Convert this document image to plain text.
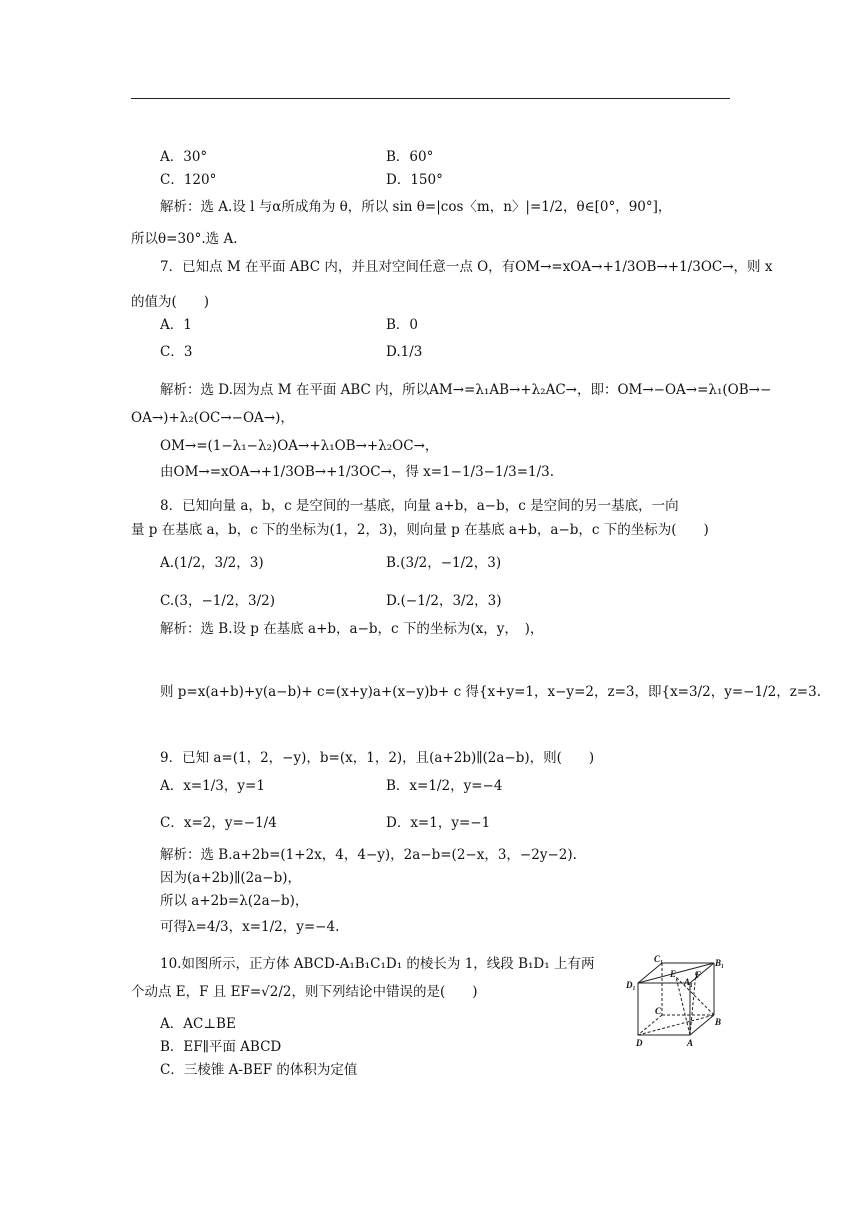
A．30°	B．60°
C．120°	D．150°
解析：选 A.设 l 与α所成角为 θ，所以 sin θ=|cos〈m，n〉|=1/2，θ∈[0°，90°]，
所以θ=30°.选 A.
7．已知点 M 在平面 ABC 内，并且对空间任意一点 O，有OM→=xOA→+1/3OB→+1/3OC→，则 x
的值为(　　)
A．1	B．0
C．3	D.1/3
解析：选 D.因为点 M 在平面 ABC 内，所以AM→=λ₁AB→+λ₂AC→，即：OM→−OA→=λ₁(OB→−
OA→)+λ₂(OC→−OA→)，
OM→=(1−λ₁−λ₂)OA→+λ₁OB→+λ₂OC→，
由OM→=xOA→+1/3OB→+1/3OC→，得 x=1−1/3−1/3=1/3.
8．已知向量 a，b，c 是空间的一基底，向量 a+b，a−b，c 是空间的另一基底，一向
量 p 在基底 a，b，c 下的坐标为(1，2，3)，则向量 p 在基底 a+b，a−b，c 下的坐标为(　　)
A.(1/2，3/2，3)	B.(3/2，−1/2，3)
C.(3，−1/2，3/2)	D.(−1/2，3/2，3)
解析：选 B.设 p 在基底 a+b，a−b，c 下的坐标为(x，y，　)，
则 p=x(a+b)+y(a−b)+ c=(x+y)a+(x−y)b+ c 得{x+y=1，x−y=2，z=3，即{x=3/2，y=−1/2，z=3.
9．已知 a=(1，2，−y)，b=(x，1，2)，且(a+2b)∥(2a−b)，则(　　)
A．x=1/3，y=1	B．x=1/2，y=−4
C．x=2，y=−1/4	D．x=1，y=−1
解析：选 B.a+2b=(1+2x，4，4−y)，2a−b=(2−x，3，−2y−2).
因为(a+2b)∥(2a−b)，
所以 a+2b=λ(2a−b)，
可得λ=4/3，x=1/2，y=−4.
10.如图所示，正方体 ABCD-A₁B₁C₁D₁ 的棱长为 1，线段 B₁D₁ 上有两
个动点 E，F 且 EF=√2/2，则下列结论中错误的是(　　)
A．AC⊥BE
B．EF∥平面 ABCD
C．三棱锥 A-BEF 的体积为定值
C₁	B₁
D₁
E
A₁
F
C
B
D	A
